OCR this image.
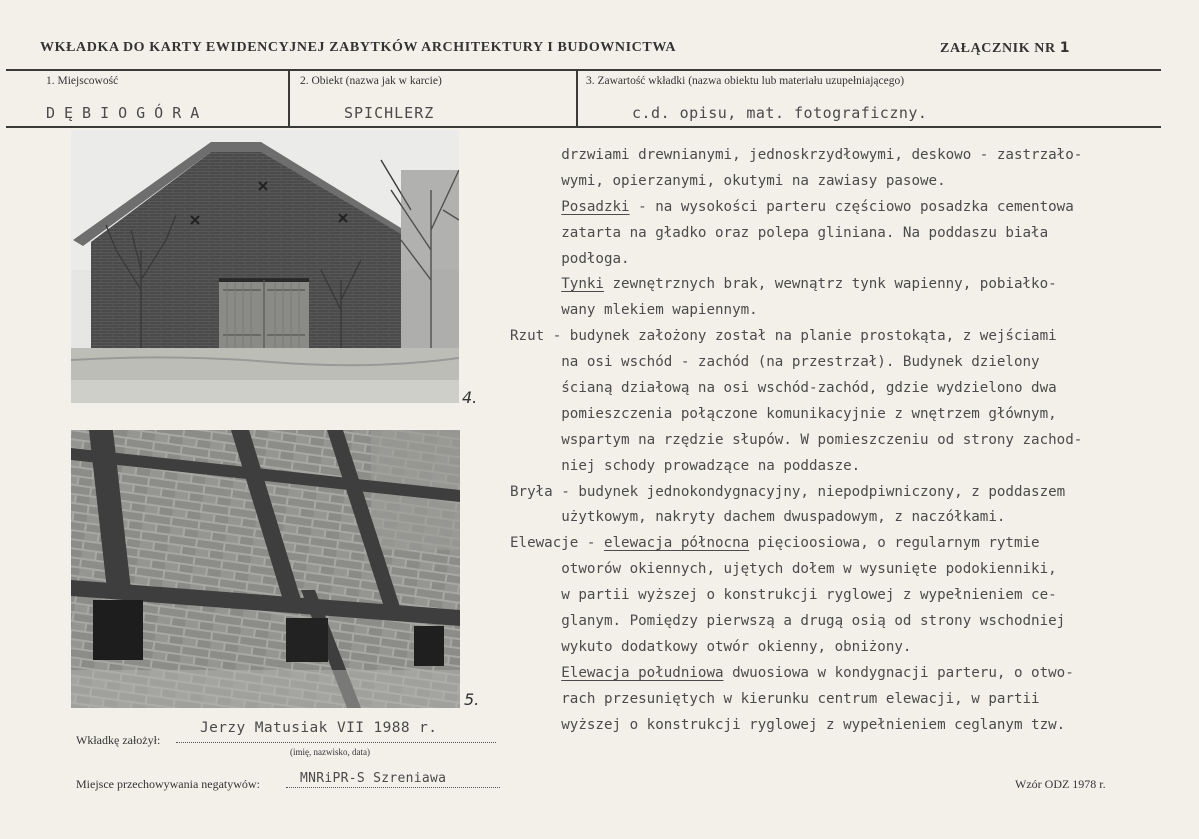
WKŁADKA DO KARTY EWIDENCYJNEJ ZABYTKÓW ARCHITEKTURY I BUDOWNICTWA	ZAŁĄCZNIK NR 1
1. Miejscowość	2. Obiekt (nazwa jak w karcie)	3. Zawartość wkładki (nazwa obiektu lub materiału uzupełniającego)
DĘBIOGÓRA	SPICHLERZ	c.d. opisu, mat. fotograficzny.
4.
5.
drzwiami drewnianymi, jednoskrzydłowymi, deskowo - zastrzało-
wymi, opierzanymi, okutymi na zawiasy pasowe.
Posadzki - na wysokości parteru częściowo posadzka cementowa
zatarta na gładko oraz polepa gliniana. Na poddaszu biała
podłoga.
Tynki zewnętrznych brak, wewnątrz tynk wapienny, pobiałko-
wany mlekiem wapiennym.
Rzut - budynek założony został na planie prostokąta, z wejściami
na osi wschód - zachód (na przestrzał). Budynek dzielony
ścianą działową na osi wschód-zachód, gdzie wydzielono dwa
pomieszczenia połączone komunikacyjnie z wnętrzem głównym,
wspartym na rzędzie słupów. W pomieszczeniu od strony zachod-
niej schody prowadzące na poddasze.
Bryła - budynek jednokondygnacyjny, niepodpiwniczony, z poddaszem
użytkowym, nakryty dachem dwuspadowym, z naczółkami.
Elewacje - elewacja północna pięcioosiowa, o regularnym rytmie
otworów okiennych, ujętych dołem w wysunięte podokienniki,
w partii wyższej o konstrukcji ryglowej z wypełnieniem ce-
glanym. Pomiędzy pierwszą a drugą osią od strony wschodniej
wykuto dodatkowy otwór okienny, obniżony.
Elewacja południowa dwuosiowa w kondygnacji parteru, o otwo-
rach przesuniętych w kierunku centrum elewacji, w partii
wyższej o konstrukcji ryglowej z wypełnieniem ceglanym tzw.
Wkładkę założył:
Jerzy Matusiak VII 1988 r.
(imię, nazwisko, data)
Miejsce przechowywania negatywów:	MNRiPR-S Szreniawa	Wzór ODZ 1978 r.
